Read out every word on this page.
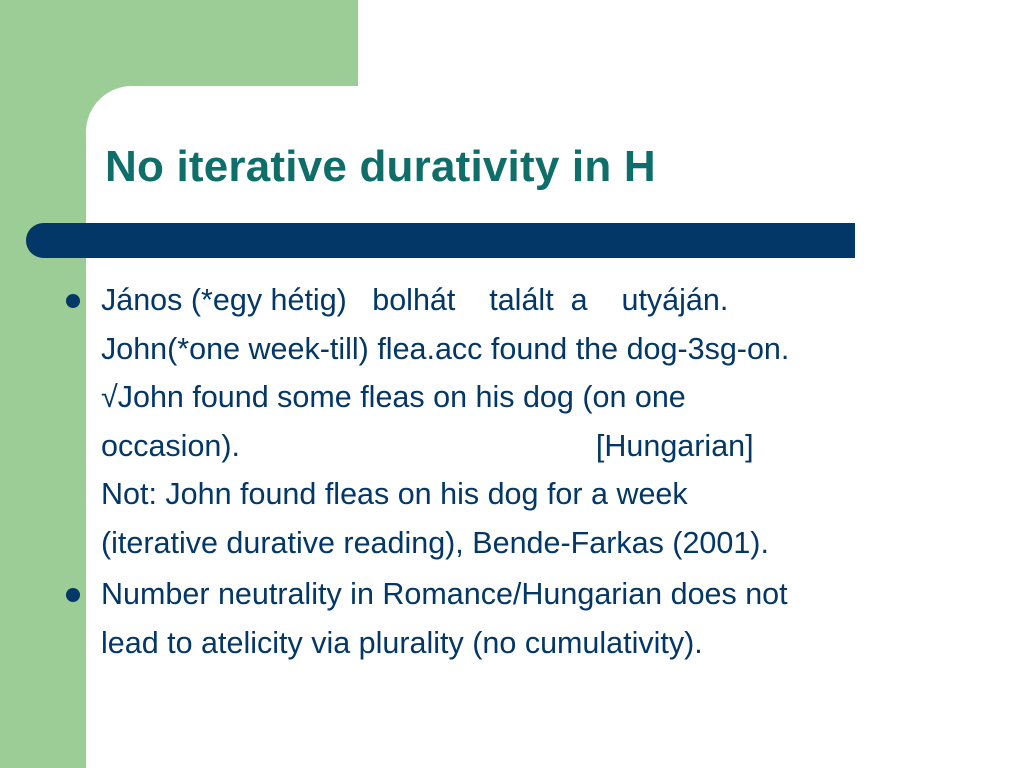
No iterative durativity in H
János (*egy hétig)   bolhát    talált  a    utyáján.
John(*one week-till) flea.acc found the dog-3sg-on.
√John found some fleas on his dog (on one
occasion).                                          [Hungarian]
Not: John found fleas on his dog for a week
(iterative durative reading), Bende-Farkas (2001).
Number neutrality in Romance/Hungarian does not
lead to atelicity via plurality (no cumulativity).
